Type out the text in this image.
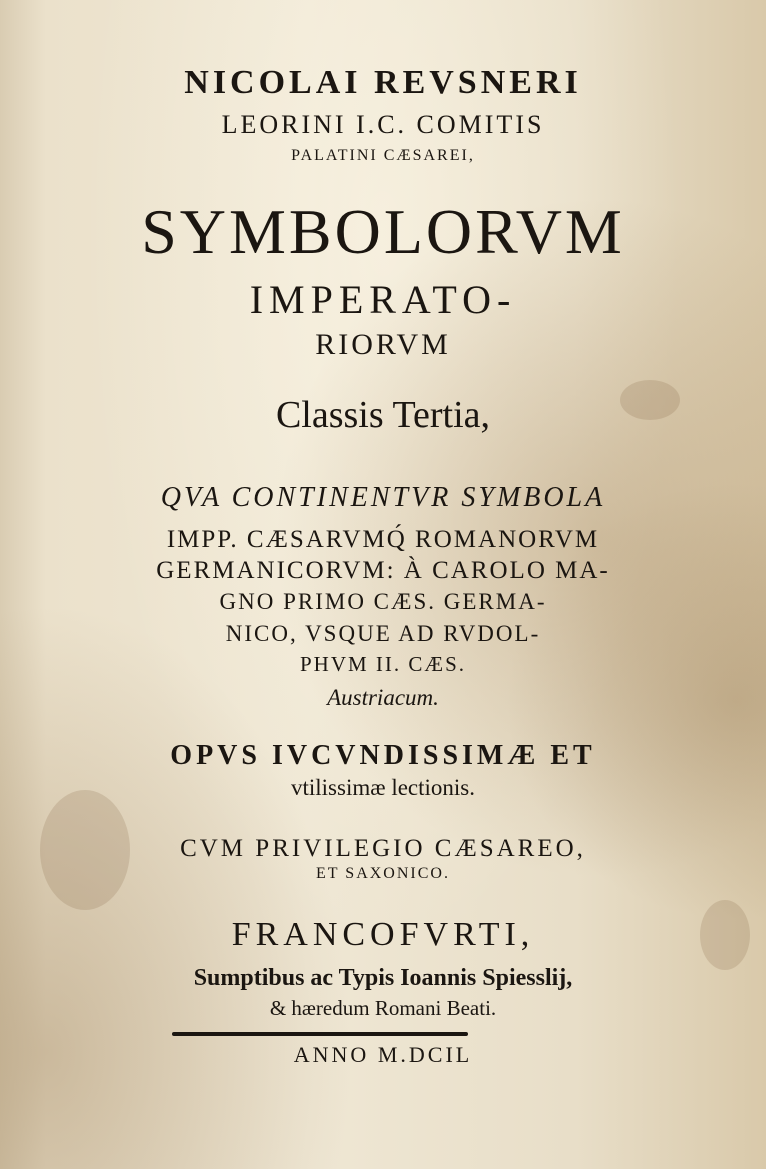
NICOLAI REVSNERI
LEORINI I.C. COMITIS
PALATINI CÆSAREI,
SYMBOLORVM
IMPERATO-
RIORVM
Classis Tertia,
QVA CONTINENTVR SYMBOLA
IMPP. CÆSARVMQ́ ROMANORVM
GERMANICORVM: À CAROLO MA-
GNO PRIMO CÆS. GERMA-
NICO, VSQUE AD RVDOL-
PHVM II. CÆS.
Austriacum.
OPVS IVCVNDISSIMÆ ET
vtilissimæ lectionis.
CVM PRIVILEGIO CÆSAREO,
ET SAXONICO.
FRANCOFVRTI,
Sumptibus ac Typis Ioannis Spiesslij,
& hæredum Romani Beati.
ANNO M.DCIL
